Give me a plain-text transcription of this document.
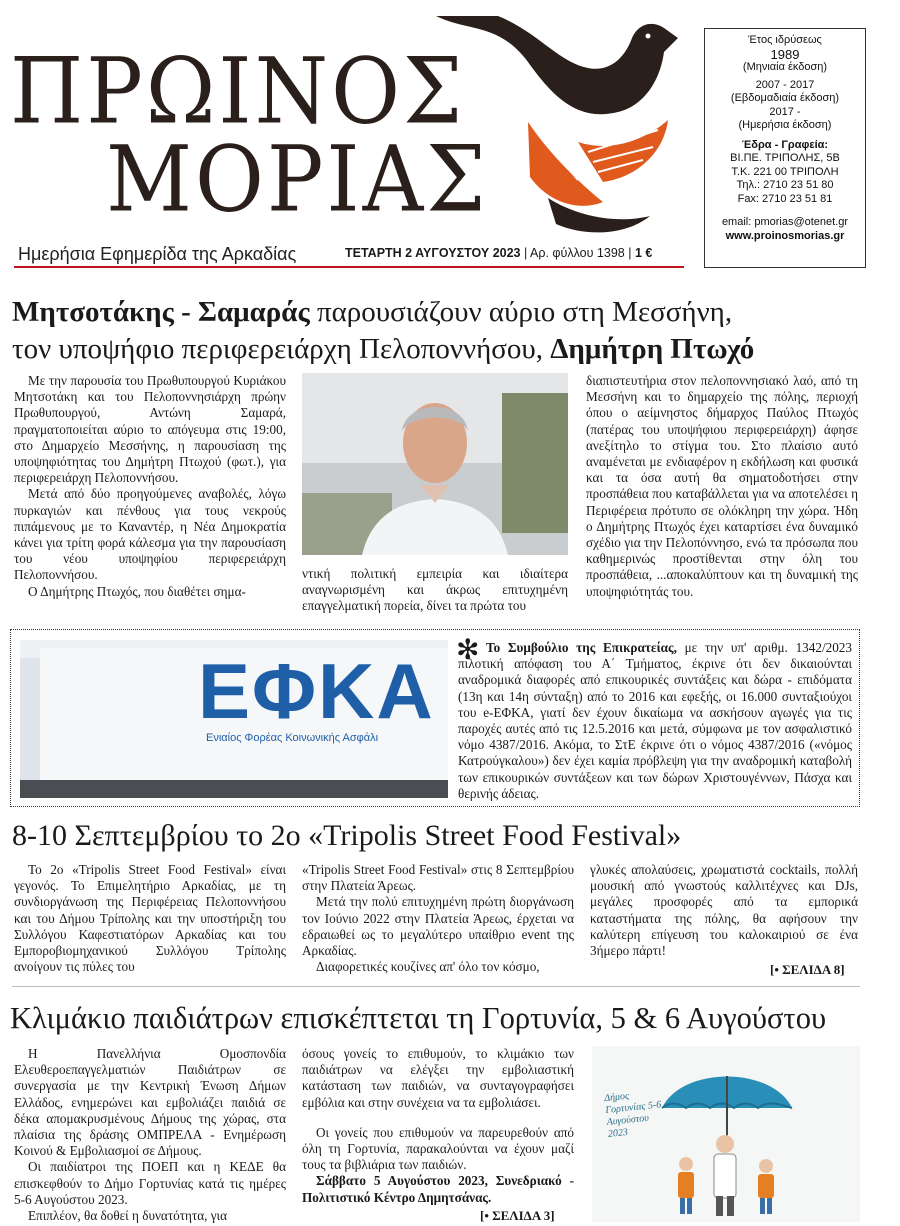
ΠΡΩΙΝΟΣ
ΜΟΡΙΑΣ
Ημερήσια Εφημερίδα της Αρκαδίας	ΤΕΤΑΡΤΗ 2 ΑΥΓΟΥΣΤΟΥ 2023 | Αρ. φύλλου 1398 | 1 €
Έτος ιδρύσεως
1989
(Μηνιαία έκδοση)
2007 - 2017
(Εβδομαδιαία έκδοση)
2017 -
(Ημερήσια έκδοση)
Έδρα - Γραφεία:
ΒΙ.ΠΕ. ΤΡΙΠΟΛΗΣ, 5Β
Τ.Κ. 221 00 ΤΡΙΠΟΛΗ
Τηλ.: 2710 23 51 80
Fax: 2710 23 51 81
email: pmorias@otenet.gr
www.proinosmorias.gr
Μητσοτάκης - Σαμαράς παρουσιάζουν αύριο στη Μεσσήνη,
τον υποψήφιο περιφερειάρχη Πελοποννήσου, Δημήτρη Πτωχό

Με την παρουσία του Πρωθυπουργού Κυριάκου Μητσοτάκη και του Πελοποννησιάρχη πρώην Πρωθυπουργού, Αντώνη Σαμαρά, πραγματοποιείται αύριο το απόγευμα στις 19:00, στο Δημαρχείο Μεσσήνης, η παρουσίαση της υποψηφιότητας του Δημήτρη Πτωχού (φωτ.), για περιφερειάρχη Πελοποννήσου.

Μετά από δύο προηγούμενες αναβολές, λόγω πυρκαγιών και πένθους για τους νεκρούς πιπάμενους με το Καναντέρ, η Νέα Δημοκρατία κάνει για τρίτη φορά κάλεσμα για την παρουσίαση του νέου υποψηφίου περιφερειάρχη Πελοποννήσου.

Ο Δημήτρης Πτωχός, που διαθέτει σημα-

ντική πολιτική εμπειρία και ιδιαίτερα αναγνωρισμένη και άκρως επιτυχημένη επαγγελματική πορεία, δίνει τα πρώτα του
διαπιστευτήρια στον πελοποννησιακό λαό, από τη Μεσσήνη και το δημαρχείο της πόλης, περιοχή όπου ο αείμνηστος δήμαρχος Παύλος Πτωχός (πατέρας του υποψήφιου περιφερειάρχη) άφησε ανεξίτηλο το στίγμα του. Στο πλαίσιο αυτό αναμένεται με ενδιαφέρον η εκδήλωση και φυσικά και τα όσα αυτή θα σηματοδοτήσει στην προσπάθεια που καταβάλλεται για να αποτελέσει η Περιφέρεια πρότυπο σε ολόκληρη την χώρα. Ήδη ο Δημήτρης Πτωχός έχει καταρτίσει ένα δυναμικό σχέδιο για την Πελοπόννησο, ενώ τα πρόσωπα που καθημερινώς προστίθενται στην όλη του προσπάθεια, ...αποκαλύπτουν και τη δυναμική της υποψηφιότητάς του.
ΕΦΚΑ
Ενιαίος Φορέας Κοινωνικής Ασφάλι
✻ Το Συμβούλιο της Επικρατείας, με την υπ' αριθμ. 1342/2023 πιλοτική απόφαση του Α΄ Τμήματος, έκρινε ότι δεν δικαιούνται αναδρομικά διαφορές από επικουρικές συντάξεις και δώρα - επιδόματα (13η και 14η σύνταξη) από το 2016 και εφεξής, οι 16.000 συνταξιούχοι του e-ΕΦΚΑ, γιατί δεν έχουν δικαίωμα να ασκήσουν αγωγές για τις παροχές αυτές από τις 12.5.2016 και μετά, σύμφωνα με τον ασφαλιστικό νόμο 4387/2016. Ακόμα, το ΣτΕ έκρινε ότι ο νόμος 4387/2016 («νόμος Κατρούγκαλου») δεν έχει καμία πρόβλεψη για την αναδρομική καταβολή των επικουρικών συντάξεων και των δώρων Χριστουγέννων, Πάσχα και θερινής άδειας.
8-10 Σεπτεμβρίου το 2ο «Tripolis Street Food Festival»

Το 2ο «Tripolis Street Food Festival» είναι γεγονός. Το Επιμελητήριο Αρκαδίας, με τη συνδιοργάνωση της Περιφέρειας Πελοποννήσου και του Δήμου Τρίπολης και την υποστήριξη του Συλλόγου Καφεστιατόρων Αρκαδίας και του Εμποροβιομηχανικού Συλλόγου Τρίπολης ανοίγουν τις πύλες του

«Tripolis Street Food Festival» στις 8 Σεπτεμβρίου στην Πλατεία Άρεως.

Μετά την πολύ επιτυχημένη πρώτη διοργάνωση τον Ιούνιο 2022 στην Πλατεία Άρεως, έρχεται να εδραιωθεί ως το μεγαλύτερο υπαίθριο event της Αρκαδίας.

Διαφορετικές κουζίνες απ' όλο τον κόσμο,

γλυκές απολαύσεις, χρωματιστά cocktails, πολλή μουσική από γνωστούς καλλιτέχνες και DJs, μεγάλες προσφορές από τα εμπορικά καταστήματα της πόλης, θα αφήσουν την καλύτερη επίγευση του καλοκαιριού σε ένα 3ήμερο πάρτι!

[• ΣΕΛΙΔΑ 8]
Κλιμάκιο παιδιάτρων επισκέπτεται τη Γορτυνία, 5 & 6 Αυγούστου

Η Πανελλήνια Ομοσπονδία Ελευθεροεπαγγελματιών Παιδιάτρων σε συνεργασία με την Κεντρική Ένωση Δήμων Ελλάδος, ενημερώνει και εμβολιάζει παιδιά σε δέκα απομακρυσμένους Δήμους της χώρας, στα πλαίσια της δράσης ΟΜΠΡΕΛΑ - Ενημέρωση Κοινού & Εμβολιασμοί σε Δήμους.

Οι παιδίατροι της ΠΟΕΠ και η ΚΕΔΕ θα επισκεφθούν το Δήμο Γορτυνίας κατά τις ημέρες 5-6 Αυγούστου 2023.

Επιπλέον, θα δοθεί η δυνατότητα, για

όσους γονείς το επιθυμούν, το κλιμάκιο των παιδιάτρων να ελέγξει την εμβολιαστική κατάσταση των παιδιών, να συνταγογραφήσει εμβόλια και στην συνέχεια να τα εμβολιάσει.

Οι γονείς που επιθυμούν να παρευρεθούν από όλη τη Γορτυνία, παρακαλούνται να έχουν μαζί τους τα βιβλιάρια των παιδιών.

Σάββατο 5 Αυγούστου 2023, Συνεδριακό - Πολιτιστικό Κέντρο Δημητσάνας.

[• ΣΕΛΙΔΑ 3]
Δήμος Γορτυνίας 5-6 Αυγούστου 2023
